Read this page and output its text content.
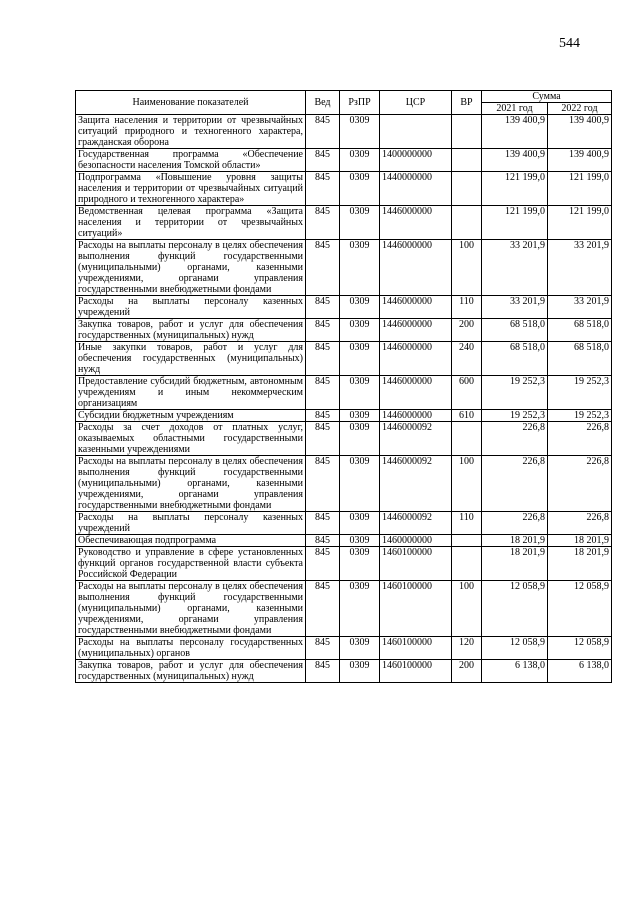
544
Наименование показателей	Вед	РзПР	ЦСР	ВР	Сумма	
					2021 год	2022 год
Защита населения и территории от чрезвычайных ситуаций природного и техногенного характера, гражданская оборона	845	0309			139 400,9	139 400,9
Государственная программа «Обеспечение безопасности населения Томской области»	845	0309	1400000000		139 400,9	139 400,9
Подпрограмма «Повышение уровня защиты населения и территории от чрезвычайных ситуаций природного и техногенного характера»	845	0309	1440000000		121 199,0	121 199,0
Ведомственная целевая программа «Защита населения и территории от чрезвычайных ситуаций»	845	0309	1446000000		121 199,0	121 199,0
Расходы на выплаты персоналу в целях обеспечения выполнения функций государственными (муниципальными) органами, казенными учреждениями, органами управления государственными внебюджетными фондами	845	0309	1446000000	100	33 201,9	33 201,9
Расходы на выплаты персоналу казенных учреждений	845	0309	1446000000	110	33 201,9	33 201,9
Закупка товаров, работ и услуг для обеспечения государственных (муниципальных) нужд	845	0309	1446000000	200	68 518,0	68 518,0
Иные закупки товаров, работ и услуг для обеспечения государственных (муниципальных) нужд	845	0309	1446000000	240	68 518,0	68 518,0
Предоставление субсидий бюджетным, автономным учреждениям и иным некоммерческим организациям	845	0309	1446000000	600	19 252,3	19 252,3
Субсидии бюджетным учреждениям	845	0309	1446000000	610	19 252,3	19 252,3
Расходы за счет доходов от платных услуг, оказываемых областными государственными казенными учреждениями	845	0309	1446000092		226,8	226,8
Расходы на выплаты персоналу в целях обеспечения выполнения функций государственными (муниципальными) органами, казенными учреждениями, органами управления государственными внебюджетными фондами	845	0309	1446000092	100	226,8	226,8
Расходы на выплаты персоналу казенных учреждений	845	0309	1446000092	110	226,8	226,8
Обеспечивающая подпрограмма	845	0309	1460000000		18 201,9	18 201,9
Руководство и управление в сфере установленных функций органов государственной власти субъекта Российской Федерации	845	0309	1460100000		18 201,9	18 201,9
Расходы на выплаты персоналу в целях обеспечения выполнения функций государственными (муниципальными) органами, казенными учреждениями, органами управления государственными внебюджетными фондами	845	0309	1460100000	100	12 058,9	12 058,9
Расходы на выплаты персоналу государственных (муниципальных) органов	845	0309	1460100000	120	12 058,9	12 058,9
Закупка товаров, работ и услуг для обеспечения государственных (муниципальных) нужд	845	0309	1460100000	200	6 138,0	6 138,0
